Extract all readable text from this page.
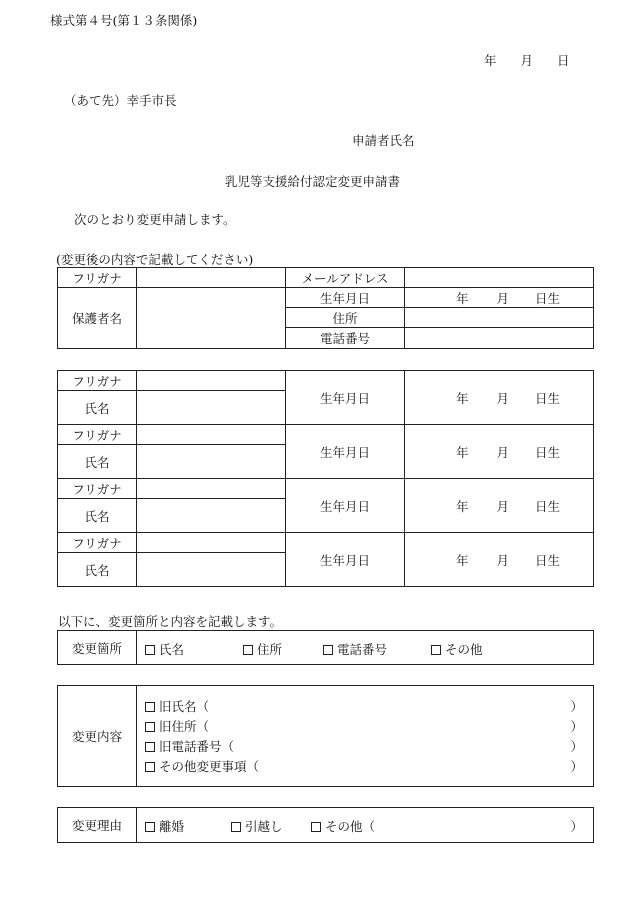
様式第４号(第１３条関係)
年 月 日
（あて先）幸手市長
申請者氏名
乳児等支援給付認定変更申請書
次のとおり変更申請します。
(変更後の内容で記載してください)
フリガナ		メールアドレス	
保護者名		生年月日	年 月 日生

		住所	
		電話番号	
フリガナ		生年月日	年 月 日生

氏名			
フリガナ		生年月日	年 月 日生

氏名			
フリガナ		生年月日	年 月 日生

氏名			
フリガナ		生年月日	年 月 日生

氏名			
以下に、変更箇所と内容を記載します。
変更箇所	氏名	住所	電話番号	その他
変更内容	
旧氏名（	）
旧住所（	）
旧電話番号（	）
その他変更事項（	）
変更理由	離婚	引越し	その他（	）
